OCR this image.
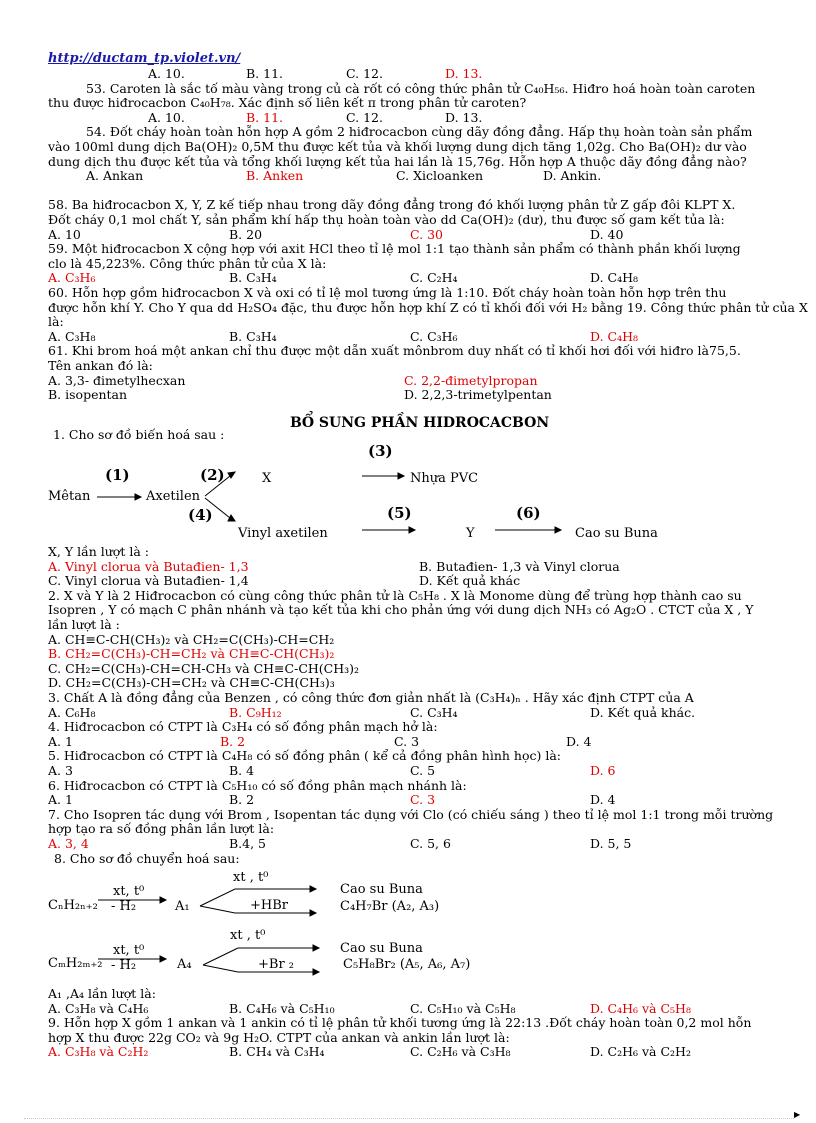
http://ductam_tp.violet.vn/
A. 10.	B. 11.	C. 12.	D. 13.
53. Caroten là sắc tố màu vàng trong củ cà rốt có công thức phân tử C₄₀H₅₆. Hiđro hoá hoàn toàn caroten
thu được hiđrocacbon C₄₀H₇₈. Xác định số liên kết π trong phân tử caroten?
A. 10.	B. 11.	C. 12.	D. 13.
54. Đốt cháy hoàn toàn hỗn hợp A gồm 2 hiđrocacbon cùng dãy đồng đẳng. Hấp thụ hoàn toàn sản phẩm
vào 100ml dung dịch Ba(OH)₂ 0,5M thu được kết tủa và khối lượng dung dịch tăng 1,02g. Cho Ba(OH)₂ dư vào
dung dịch thu được kết tủa và tổng khối lượng kết tủa hai lần là 15,76g. Hỗn hợp A thuộc dãy đồng đẳng nào?
A. Ankan	B. Anken	C. Xicloanken	D. Ankin.
58. Ba hiđrocacbon X, Y, Z kế tiếp nhau trong dãy đồng đẳng trong đó khối lượng phân tử Z gấp đôi KLPT X.
Đốt cháy 0,1 mol chất Y, sản phẩm khí hấp thụ hoàn toàn vào dd Ca(OH)₂ (dư), thu được số gam kết tủa là:
A. 10	B. 20	C. 30	D. 40
59. Một hiđrocacbon X cộng hợp với axit HCl theo tỉ lệ mol 1:1 tạo thành sản phẩm có thành phần khối lượng
clo là 45,223%. Công thức phân tử của X là:
A. C₃H₆	B. C₃H₄	C. C₂H₄	D. C₄H₈
60. Hỗn hợp gồm hiđrocacbon X và oxi có tỉ lệ mol tương ứng là 1:10. Đốt cháy hoàn toàn hỗn hợp trên thu
được hỗn khí Y. Cho Y qua dd H₂SO₄ đặc, thu được hỗn hợp khí Z có tỉ khối đối với H₂ bằng 19. Công thức phân tử của X
là:
A. C₃H₈	B. C₃H₄	C. C₃H₆	D. C₄H₈
61. Khi brom hoá một ankan chỉ thu được một dẫn xuất mônbrom duy nhất có tỉ khối hơi đối với hiđro là75,5.
Tên ankan đó là:
A. 3,3- đimetylhecxan	C. 2,2-đimetylpropan
B. isopentan	D. 2,2,3-trimetylpentan
BỔ SUNG PHẦN HIDROCACBON
1. Cho sơ đồ biến hoá sau :
(1)	(2)
(3)
(4)	(5)	(6)
Mêtan	Axetilen
X	Nhựa PVC
Vinyl axetilen	Y	Cao su Buna
X, Y lần lượt là :
A. Vinyl clorua và Butađien- 1,3	B. Butađien- 1,3 và Vinyl clorua
C. Vinyl clorua và Butađien- 1,4	D. Kết quả khác
2. X và Y là 2 Hiđrocacbon có cùng công thức phân tử là C₅H₈ . X là Monome dùng để trùng hợp thành cao su
Isopren , Y có mạch C phân nhánh và tạo kết tủa khi cho phản ứng với dung dịch NH₃ có Ag₂O . CTCT của X , Y
lần lượt là :
A. CH≡C-CH(CH₃)₂ và CH₂=C(CH₃)-CH=CH₂
B. CH₂=C(CH₃)-CH=CH₂ và CH≡C-CH(CH₃)₂
C. CH₂=C(CH₃)-CH=CH-CH₃ và CH≡C-CH(CH₃)₂
D. CH₂=C(CH₃)-CH=CH₂ và CH≡C-CH(CH₃)₃
3. Chất A là đồng đẳng của Benzen , có công thức đơn giản nhất là (C₃H₄)ₙ . Hãy xác định CTPT của A
A. C₆H₈	B. C₉H₁₂	C. C₃H₄	D. Kết quả khác.
4. Hiđrocacbon có CTPT là C₃H₄ có số đồng phân mạch hở là:
A. 1	B. 2	C. 3	D. 4
5. Hiđrocacbon có CTPT là C₄H₈ có số đồng phân ( kể cả đồng phân hình học) là:
A. 3	B. 4	C. 5	D. 6
6. Hiđrocacbon có CTPT là C₅H₁₀ có số đồng phân mạch nhánh là:
A. 1	B. 2	C. 3	D. 4
7. Cho Isopren tác dụng với Brom , Isopentan tác dụng với Clo (có chiếu sáng ) theo tỉ lệ mol 1:1 trong mỗi trường
hợp tạo ra số đồng phân lần lượt là:
A. 3, 4	B.4, 5	C. 5, 6	D. 5, 5
8. Cho sơ đồ chuyển hoá sau:
xt , t⁰
xt, t⁰
- H₂
CₙH₂ₙ₊₂	A₁	+HBr
Cao su Buna
C₄H₇Br (A₂, A₃)
xt , t⁰
xt, t⁰
- H₂
CₘH₂ₘ₊₂	A₄	+Br ₂
Cao su Buna
C₅H₈Br₂ (A₅, A₆, A₇)
A₁ ,A₄ lần lượt là:
A. C₃H₈ và C₄H₆	B. C₄H₆ và C₅H₁₀	C. C₅H₁₀ và C₅H₈	D. C₄H₆ và C₅H₈
9. Hỗn hợp X gồm 1 ankan và 1 ankin có tỉ lệ phân tử khối tương ứng là 22:13 .Đốt cháy hoàn toàn 0,2 mol hỗn
hợp X thu được 22g CO₂ và 9g H₂O. CTPT của ankan và ankin lần lượt là:
A. C₃H₈ và C₂H₂	B. CH₄ và C₃H₄	C. C₂H₆ và C₃H₈	D. C₂H₆ và C₂H₂
▶
